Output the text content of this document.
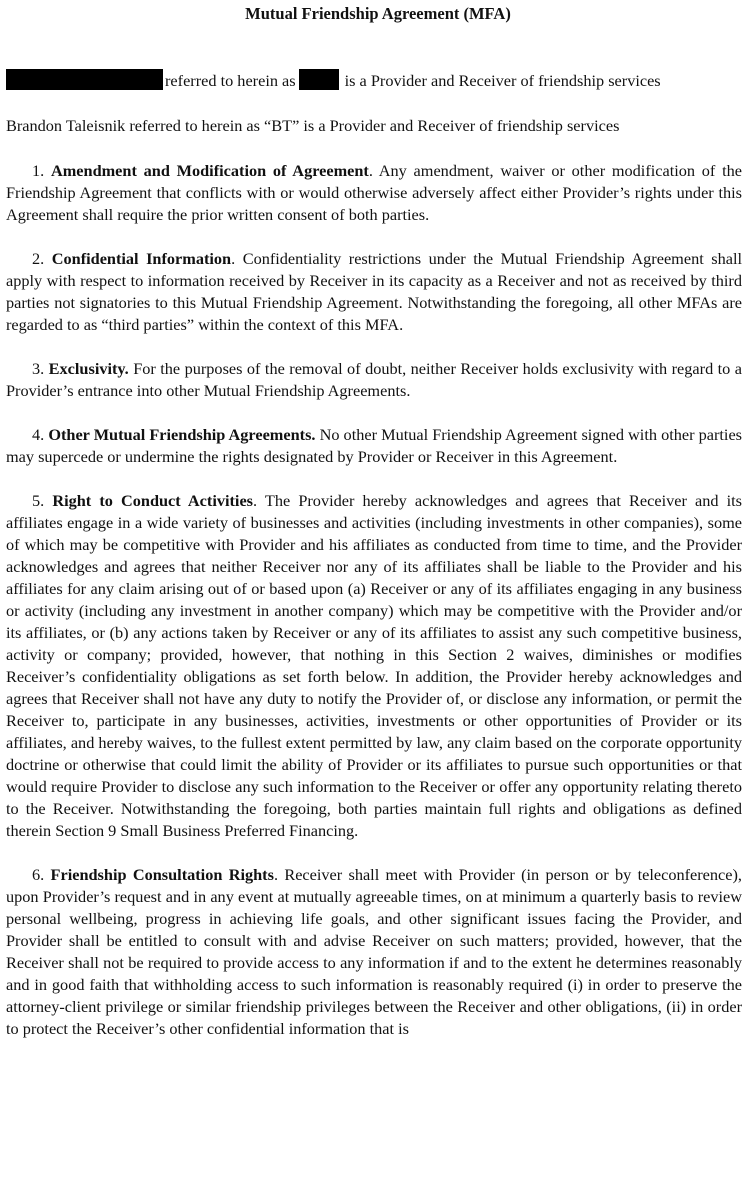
Mutual Friendship Agreement (MFA)
referred to herein as	is a Provider and Receiver of friendship services
Brandon Taleisnik referred to herein as “BT” is a Provider and Receiver of friendship services

1. Amendment and Modification of Agreement. Any amendment, waiver or other modification of the Friendship Agreement that conflicts with or would otherwise adversely affect either Provider’s rights under this Agreement shall require the prior written consent of both parties.

2. Confidential Information. Confidentiality restrictions under the Mutual Friendship Agreement shall apply with respect to information received by Receiver in its capacity as a Receiver and not as received by third parties not signatories to this Mutual Friendship Agreement. Notwithstanding the foregoing, all other MFAs are regarded to as “third parties” within the context of this MFA.

3. Exclusivity. For the purposes of the removal of doubt, neither Receiver holds exclusivity with regard to a Provider’s entrance into other Mutual Friendship Agreements.

4. Other Mutual Friendship Agreements. No other Mutual Friendship Agreement signed with other parties may supercede or undermine the rights designated by Provider or Receiver in this Agreement.

5. Right to Conduct Activities. The Provider hereby acknowledges and agrees that Receiver and its affiliates engage in a wide variety of businesses and activities (including investments in other companies), some of which may be competitive with Provider and his affiliates as conducted from time to time, and the Provider acknowledges and agrees that neither Receiver nor any of its affiliates shall be liable to the Provider and his affiliates for any claim arising out of or based upon (a) Receiver or any of its affiliates engaging in any business or activity (including any investment in another company) which may be competitive with the Provider and/or its affiliates, or (b) any actions taken by Receiver or any of its affiliates to assist any such competitive business, activity or company; provided, however, that nothing in this Section 2 waives, diminishes or modifies Receiver’s confidentiality obligations as set forth below. In addition, the Provider hereby acknowledges and agrees that Receiver shall not have any duty to notify the Provider of, or disclose any information, or permit the Receiver to, participate in any businesses, activities, investments or other opportunities of Provider or its affiliates, and hereby waives, to the fullest extent permitted by law, any claim based on the corporate opportunity doctrine or otherwise that could limit the ability of Provider or its affiliates to pursue such opportunities or that would require Provider to disclose any such information to the Receiver or offer any opportunity relating thereto to the Receiver. Notwithstanding the foregoing, both parties maintain full rights and obligations as defined therein Section 9 Small Business Preferred Financing.

6. Friendship Consultation Rights. Receiver shall meet with Provider (in person or by teleconference), upon Provider’s request and in any event at mutually agreeable times, on at minimum a quarterly basis to review personal wellbeing, progress in achieving life goals, and other significant issues facing the Provider, and Provider shall be entitled to consult with and advise Receiver on such matters; provided, however, that the Receiver shall not be required to provide access to any information if and to the extent he determines reasonably and in good faith that withholding access to such information is reasonably required (i) in order to preserve the attorney-client privilege or similar friendship privileges between the Receiver and other obligations, (ii) in order to protect the Receiver’s other confidential information that is
